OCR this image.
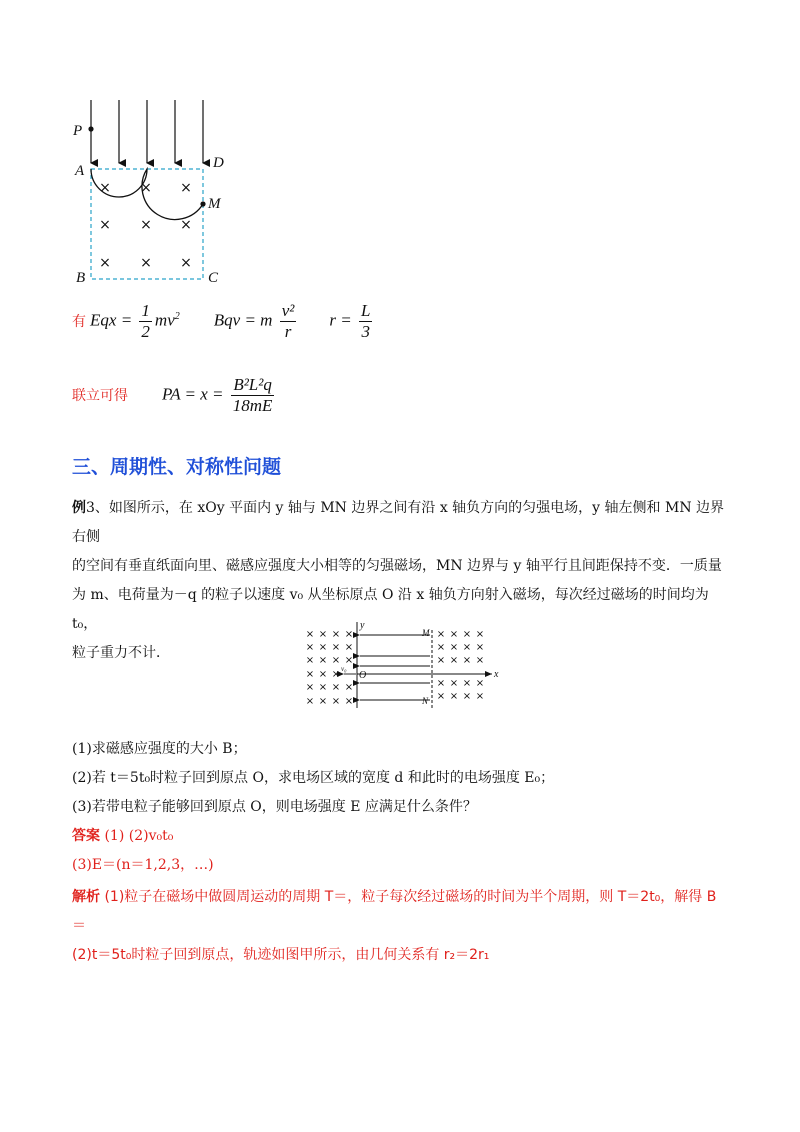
× × ×
× × ×
× × ×
P
A	D
M
B	C
有 Eqx = $\frac{1}{2} mv^2$ Bqv = m $\frac{\text{v²}}{r}$ $r = \frac{L}{3}$
联立可得 PA = $x = \frac{\text{B²L²q}}{18mE}$
三、周期性、对称性问题
例3、如图所示，在 xOy 平面内 y 轴与 MN 边界之间有沿 x 轴负方向的匀强电场，y 轴左侧和 MN 边界右侧
的空间有垂直纸面向里、磁感应强度大小相等的匀强磁场，MN 边界与 y 轴平行且间距保持不变．一质量
为 m、电荷量为－q 的粒子以速度 v₀ 从坐标原点 O 沿 x 轴负方向射入磁场，每次经过磁场的时间均为 t₀，
粒子重力不计．
× × × ×
× × × ×
× × × ×
× × ×
× × × ×
× × × ×
× × × ×
× × × ×
× × × ×
× × × ×
× × × ×
y
M
N
O	x
v₀
(1)求磁感应强度的大小 B；
(2)若 t＝5t₀时粒子回到原点 O，求电场区域的宽度 d 和此时的电场强度 E₀；
(3)若带电粒子能够回到原点 O，则电场强度 E 应满足什么条件？
答案 (1) (2)v₀t₀
(3)E＝(n＝1,2,3，…)
解析 (1)粒子在磁场中做圆周运动的周期 T＝，粒子每次经过磁场的时间为半个周期，则 T＝2t₀，解得 B
＝
(2)t＝5t₀时粒子回到原点，轨迹如图甲所示，由几何关系有 r₂＝2r₁
